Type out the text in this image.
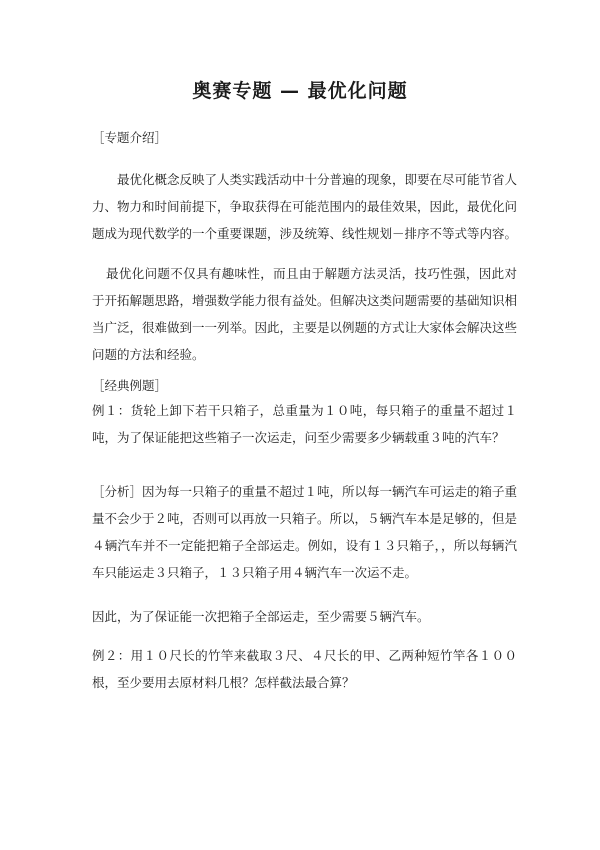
奥赛专题 — 最优化问题

［专题介绍］

最优化概念反映了人类实践活动中十分普遍的现象，即要在尽可能节省人力、物力和时间前提下，争取获得在可能范围内的最佳效果，因此，最优化问题成为现代数学的一个重要课题，涉及统筹、线性规划－排序不等式等内容。

最优化问题不仅具有趣味性，而且由于解题方法灵活，技巧性强，因此对于开拓解题思路，增强数学能力很有益处。但解决这类问题需要的基础知识相当广泛，很难做到一一列举。因此，主要是以例题的方式让大家体会解决这些问题的方法和经验。

［经典例题］

例１：货轮上卸下若干只箱子，总重量为１０吨，每只箱子的重量不超过１吨，为了保证能把这些箱子一次运走，问至少需要多少辆载重３吨的汽车？

［分析］因为每一只箱子的重量不超过１吨，所以每一辆汽车可运走的箱子重量不会少于２吨，否则可以再放一只箱子。所以，５辆汽车本是足够的，但是４辆汽车并不一定能把箱子全部运走。例如，设有１３只箱子，，所以每辆汽车只能运走３只箱子，１３只箱子用４辆汽车一次运不走。

因此，为了保证能一次把箱子全部运走，至少需要５辆汽车。

例２：用１０尺长的竹竿来截取３尺、４尺长的甲、乙两种短竹竿各１００根，至少要用去原材料几根？怎样截法最合算？
